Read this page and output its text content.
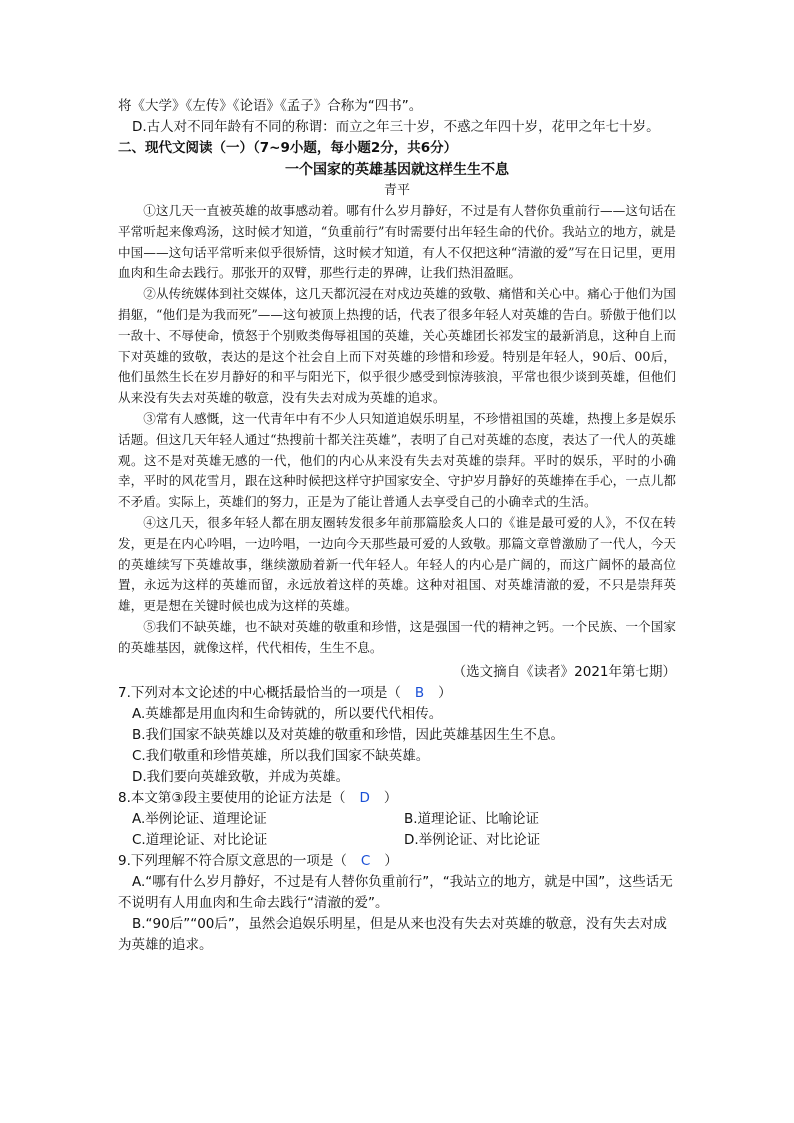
将《大学》《左传》《论语》《孟子》合称为“四书”。
D.古人对不同年龄有不同的称谓：而立之年三十岁，不惑之年四十岁，花甲之年七十岁。
二、现代文阅读（一）（7~9小题，每小题2分，共6分）
一个国家的英雄基因就这样生生不息
青平

①这几天一直被英雄的故事感动着。哪有什么岁月静好，不过是有人替你负重前行——这句话在平常听起来像鸡汤，这时候才知道，“负重前行”有时需要付出年轻生命的代价。我站立的地方，就是中国——这句话平常听来似乎很矫情，这时候才知道，有人不仅把这种“清澈的爱”写在日记里，更用血肉和生命去践行。那张开的双臂，那些行走的界碑，让我们热泪盈眶。

②从传统媒体到社交媒体，这几天都沉浸在对戍边英雄的致敬、痛惜和关心中。痛心于他们为国捐躯，“他们是为我而死”——这句被顶上热搜的话，代表了很多年轻人对英雄的告白。骄傲于他们以一敌十、不辱使命，愤怒于个别败类侮辱祖国的英雄，关心英雄团长祁发宝的最新消息，这种自上而下对英雄的致敬，表达的是这个社会自上而下对英雄的珍惜和珍爱。特别是年轻人，90后、00后，他们虽然生长在岁月静好的和平与阳光下，似乎很少感受到惊涛骇浪，平常也很少谈到英雄，但他们从来没有失去对英雄的敬意，没有失去对成为英雄的追求。

③常有人感慨，这一代青年中有不少人只知道追娱乐明星，不珍惜祖国的英雄，热搜上多是娱乐话题。但这几天年轻人通过“热搜前十都关注英雄”，表明了自己对英雄的态度，表达了一代人的英雄观。这不是对英雄无感的一代，他们的内心从来没有失去对英雄的崇拜。平时的娱乐，平时的小确幸，平时的风花雪月，跟在这种时候把这样守护国家安全、守护岁月静好的英雄捧在手心，一点儿都不矛盾。实际上，英雄们的努力，正是为了能让普通人去享受自己的小确幸式的生活。

④这几天，很多年轻人都在朋友圈转发很多年前那篇脍炙人口的《谁是最可爱的人》，不仅在转发，更是在内心吟唱，一边吟唱，一边向今天那些最可爱的人致敬。那篇文章曾激励了一代人，今天的英雄续写下英雄故事，继续激励着新一代年轻人。年轻人的内心是广阔的，而这广阔怀的最高位置，永远为这样的英雄而留，永远放着这样的英雄。这种对祖国、对英雄清澈的爱，不只是崇拜英雄，更是想在关键时候也成为这样的英雄。

⑤我们不缺英雄，也不缺对英雄的敬重和珍惜，这是强国一代的精神之钙。一个民族、一个国家的英雄基因，就像这样，代代相传，生生不息。

（选文摘自《读者》2021年第七期）
7.下列对本文论述的中心概括最恰当的一项是（ B ）
A.英雄都是用血肉和生命铸就的，所以要代代相传。
B.我们国家不缺英雄以及对英雄的敬重和珍惜，因此英雄基因生生不息。
C.我们敬重和珍惜英雄，所以我们国家不缺英雄。
D.我们要向英雄致敬，并成为英雄。
8.本文第③段主要使用的论证方法是（ D ）
A.举例论证、道理论证	B.道理论证、比喻论证
C.道理论证、对比论证	D.举例论证、对比论证
9.下列理解不符合原文意思的一项是（ C ）
A.“哪有什么岁月静好，不过是有人替你负重前行”，“我站立的地方，就是中国”，这些话无不说明有人用血肉和生命去践行“清澈的爱”。
B.“90后”“00后”，虽然会追娱乐明星，但是从来也没有失去对英雄的敬意，没有失去对成为英雄的追求。
